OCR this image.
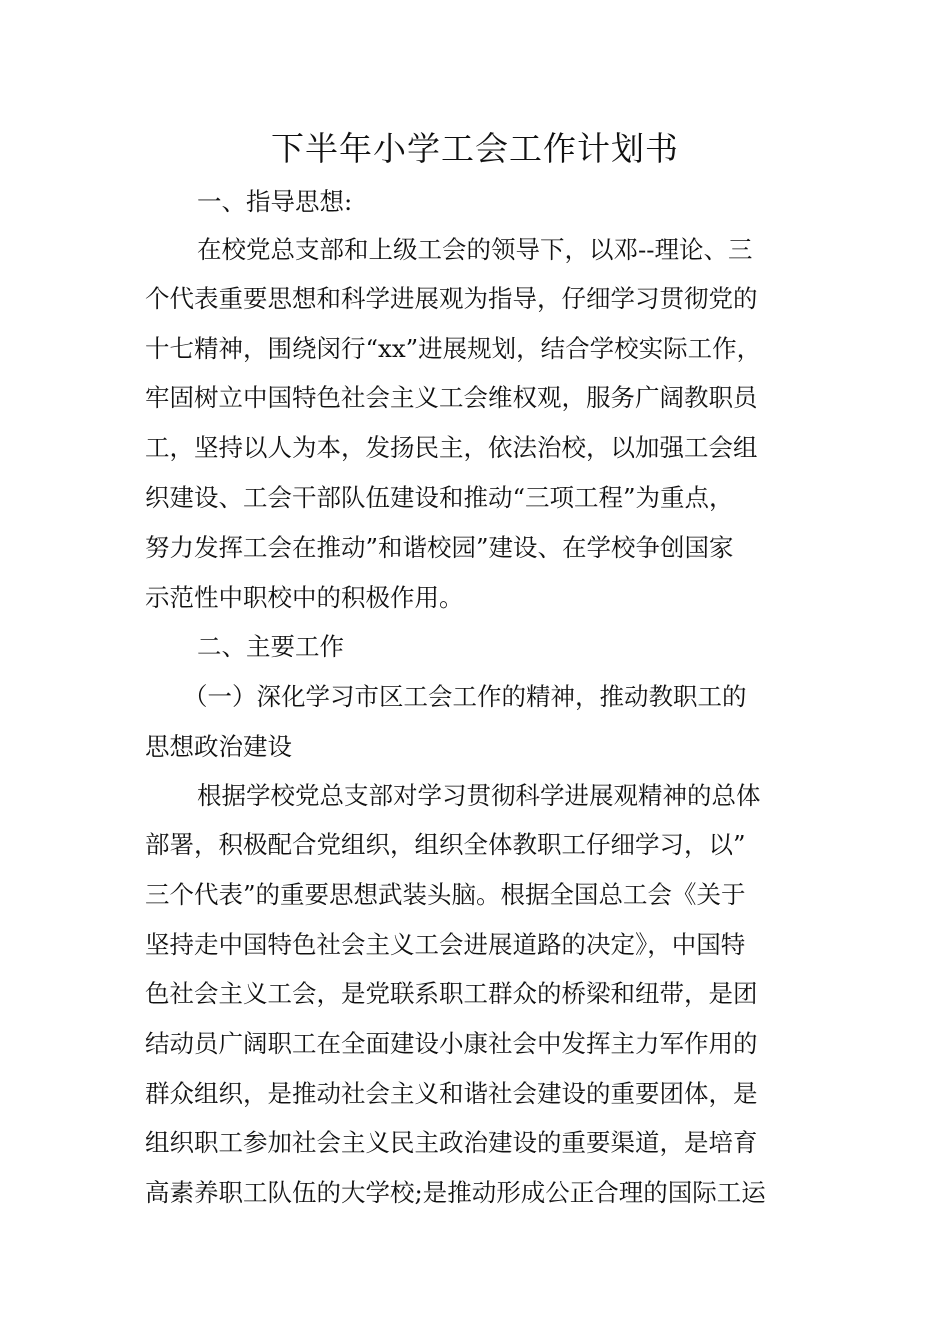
下半年小学工会工作计划书

一、指导思想:

在校党总支部和上级工会的领导下，以邓--理论、三

个代表重要思想和科学进展观为指导，仔细学习贯彻党的

十七精神，围绕闵行“xx”进展规划，结合学校实际工作，

牢固树立中国特色社会主义工会维权观，服务广阔教职员

工，坚持以人为本，发扬民主，依法治校，以加强工会组

织建设、工会干部队伍建设和推动“三项工程”为重点，

努力发挥工会在推动”和谐校园”建设、在学校争创国家

示范性中职校中的积极作用。

二、主要工作

（一）深化学习市区工会工作的精神，推动教职工的

思想政治建设

根据学校党总支部对学习贯彻科学进展观精神的总体

部署，积极配合党组织，组织全体教职工仔细学习，以”

三个代表”的重要思想武装头脑。根据全国总工会《关于

坚持走中国特色社会主义工会进展道路的决定》，中国特

色社会主义工会，是党联系职工群众的桥梁和纽带，是团

结动员广阔职工在全面建设小康社会中发挥主力军作用的

群众组织，是推动社会主义和谐社会建设的重要团体，是

组织职工参加社会主义民主政治建设的重要渠道，是培育

高素养职工队伍的大学校;是推动形成公正合理的国际工运
